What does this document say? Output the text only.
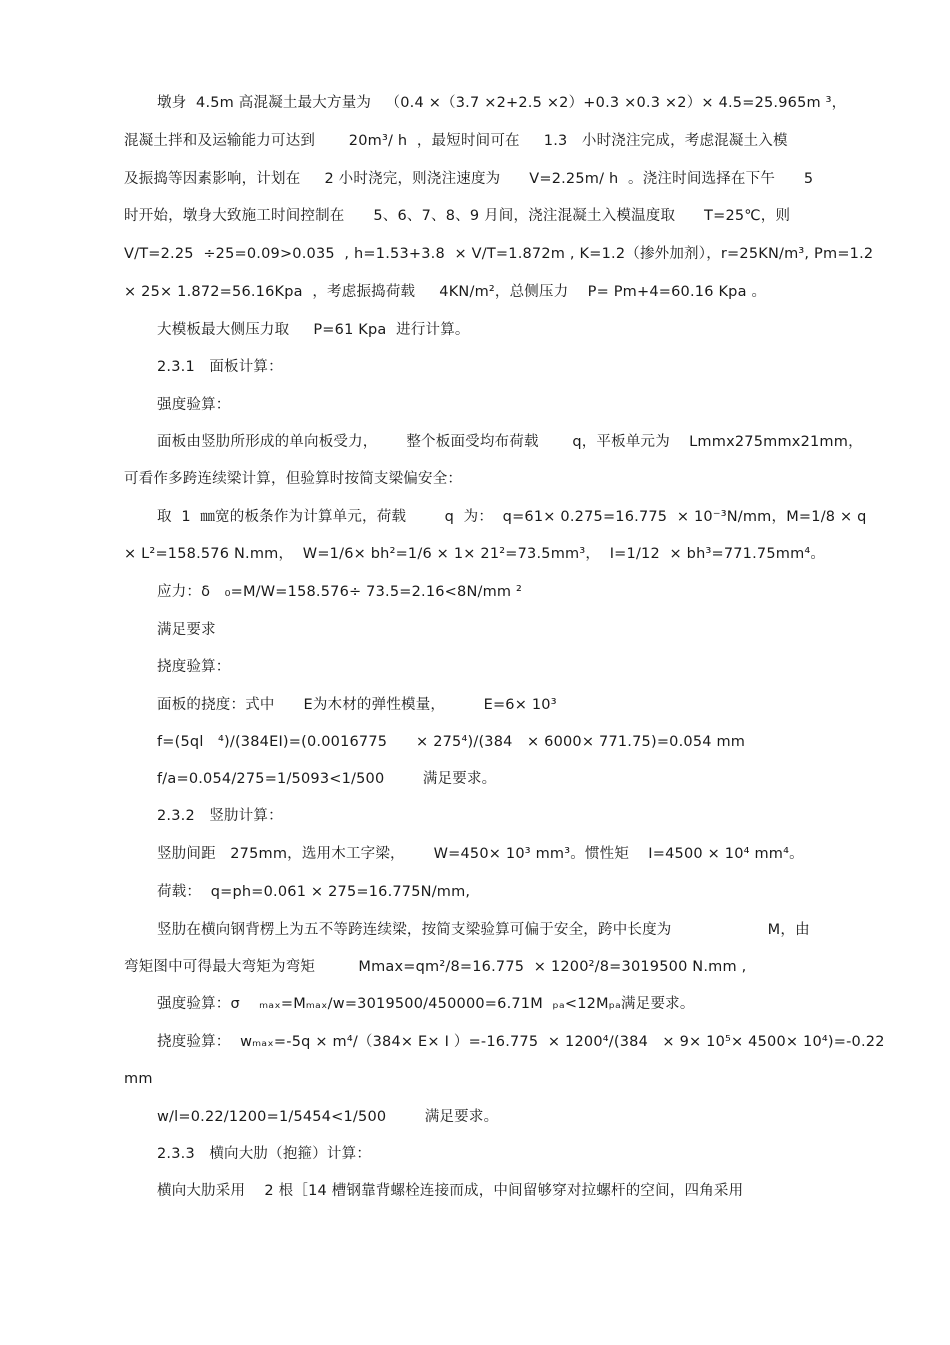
墩身  4.5m 高混凝土最大方量为   （0.4 ×（3.7 ×2+2.5 ×2）+0.3 ×0.3 ×2）× 4.5=25.965m ³，
混凝土拌和及运输能力可达到       20m³/ h  ，最短时间可在     1.3   小时浇注完成，考虑混凝土入模
及振捣等因素影响，计划在     2 小时浇完，则浇注速度为      V=2.25m/ h  。浇注时间选择在下午      5
时开始，墩身大致施工时间控制在      5、6、7、8、9 月间，浇注混凝土入模温度取      T=25℃，则
V/T=2.25  ÷25=0.09>0.035  , h=1.53+3.8  × V/T=1.872m , K=1.2（掺外加剂），r=25KN/m³, Pm=1.2
× 25× 1.872=56.16Kpa  ，考虑振捣荷载     4KN/m²，总侧压力    P= Pm+4=60.16 Kpa 。
大模板最大侧压力取     P=61 Kpa  进行计算。
2.3.1   面板计算：
强度验算：
面板由竖肋所形成的单向板受力，      整个板面受均布荷载       q，平板单元为    Lmmx275mmx21mm，
可看作多跨连续梁计算，但验算时按简支梁偏安全：
取  1  ㎜宽的板条作为计算单元，荷载        q  为：  q=61× 0.275=16.775  × 10⁻³N/mm，M=1/8 × q
× L²=158.576 N.mm，  W=1/6× bh²=1/6 × 1× 21²=73.5mm³，  I=1/12  × bh³=771.75mm⁴。
应力：δ   ₀=M/W=158.576÷ 73.5=2.16<8N/mm ²
满足要求
挠度验算：
面板的挠度：式中      E为木材的弹性模量，        E=6× 10³
f=(5ql   ⁴)/(384EI)=(0.0016775      × 275⁴)/(384   × 6000× 771.75)=0.054 mm
f/a=0.054/275=1/5093<1/500        满足要求。
2.3.2   竖肋计算：
竖肋间距   275mm，选用木工字梁，      W=450× 10³ mm³。惯性矩    I=4500 × 10⁴ mm⁴。
荷载：  q=ph=0.061 × 275=16.775N/mm,
竖肋在横向钢背楞上为五不等跨连续梁，按简支梁验算可偏于安全，跨中长度为                    M，由
弯矩图中可得最大弯矩为弯矩         Mmax=qm²/8=16.775  × 1200²/8=3019500 N.mm ,
强度验算：σ    ₘₐₓ=Mₘₐₓ/w=3019500/450000=6.71M  ₚₐ<12Mₚₐ满足要求。
挠度验算：  wₘₐₓ=-5q × m⁴/（384× E× I ）=-16.775  × 1200⁴/(384   × 9× 10⁵× 4500× 10⁴)=-0.22
mm
w/l=0.22/1200=1/5454<1/500        满足要求。
2.3.3   横向大肋（抱箍）计算：
横向大肋采用    2 根［14 槽钢靠背螺栓连接而成，中间留够穿对拉螺杆的空间，四角采用
